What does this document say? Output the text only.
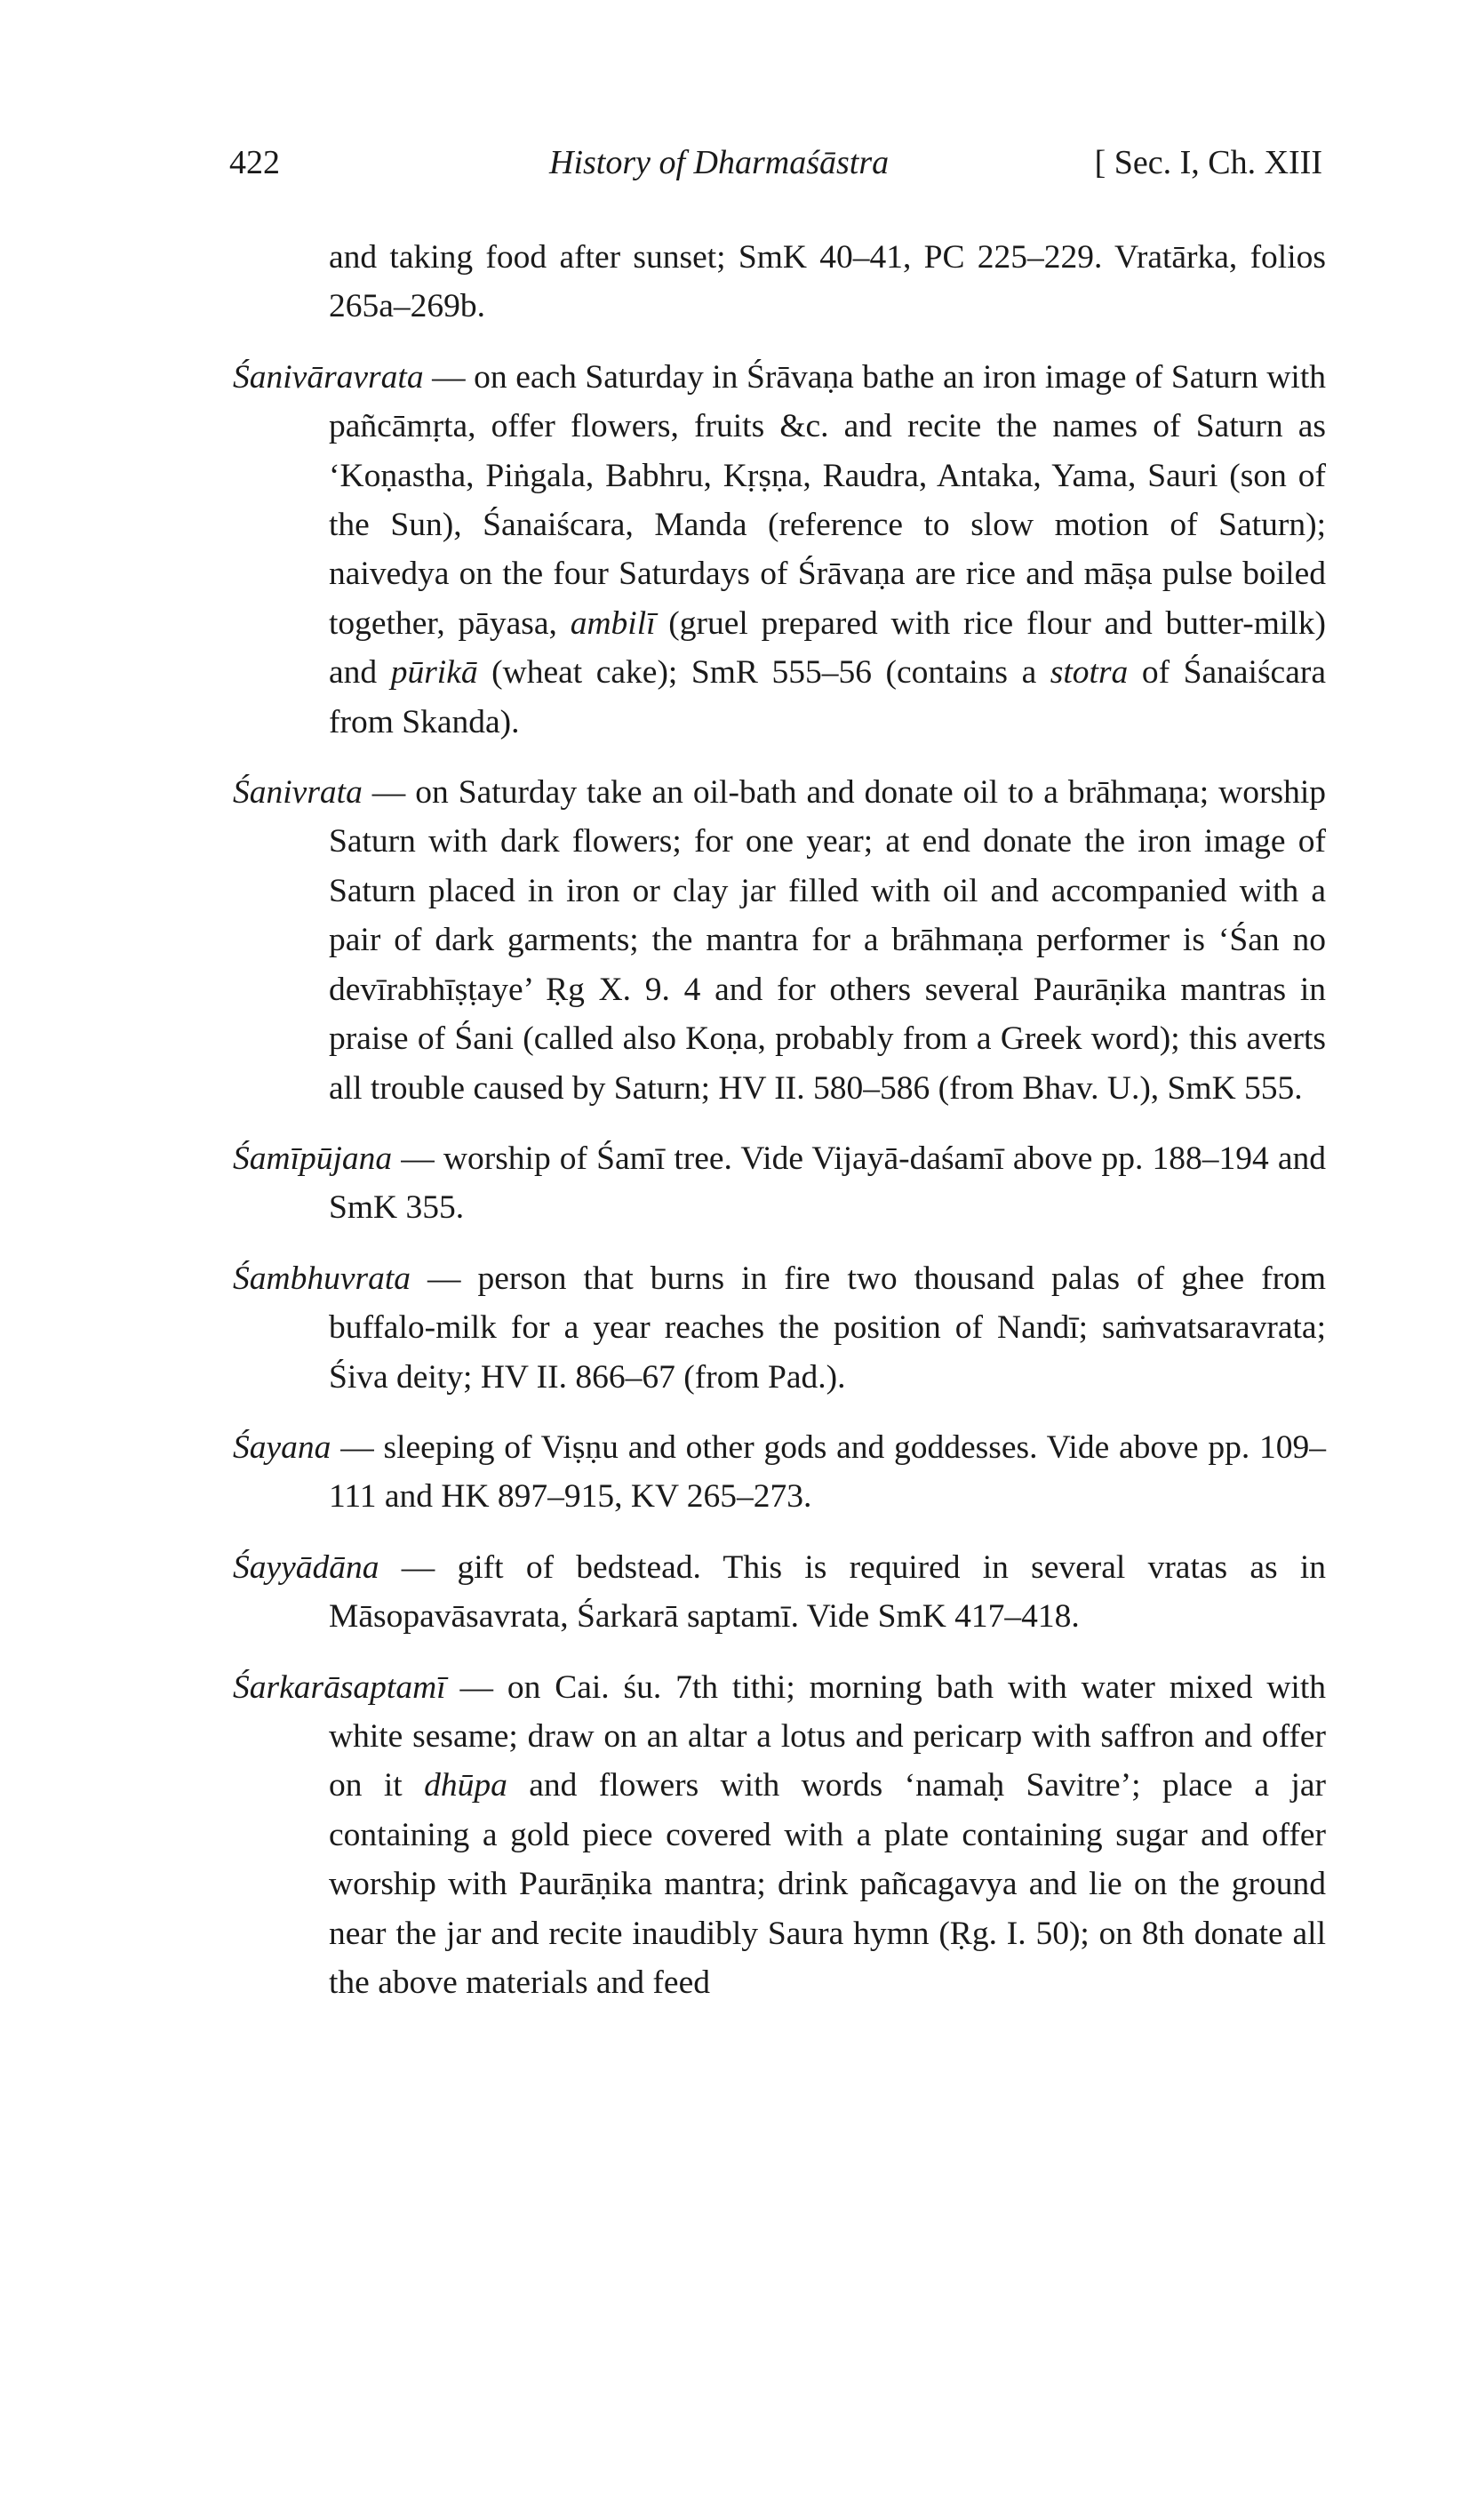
422	History of Dharmaśāstra	[ Sec. I, Ch. XIII

and taking food after sunset; SmK 40–41, PC 225–229. Vratārka, folios 265a–269b.

Śanivāravrata — on each Saturday in Śrāvaṇa bathe an iron image of Saturn with pañcāmṛta, offer flowers, fruits &c. and recite the names of Saturn as ‘Koṇastha, Piṅgala, Babhru, Kṛṣṇa, Raudra, Antaka, Yama, Sauri (son of the Sun), Śanaiścara, Manda (reference to slow motion of Saturn); naivedya on the four Saturdays of Śrāvaṇa are rice and māṣa pulse boiled together, pāyasa, ambilī (gruel prepared with rice flour and butter-milk) and pūrikā (wheat cake); SmR 555–56 (contains a stotra of Śanaiścara from Skanda).

Śanivrata — on Saturday take an oil-bath and donate oil to a brāhmaṇa; worship Saturn with dark flowers; for one year; at end donate the iron image of Saturn placed in iron or clay jar filled with oil and accompanied with a pair of dark garments; the mantra for a brāhmaṇa performer is ‘Śan no devīrabhīṣṭaye’ Ṛg X. 9. 4 and for others several Paurāṇika mantras in praise of Śani (called also Koṇa, probably from a Greek word); this averts all trouble caused by Saturn; HV II. 580–586 (from Bhav. U.), SmK 555.

Śamīpūjana — worship of Śamī tree. Vide Vijayā-daśamī above pp. 188–194 and SmK 355.

Śambhuvrata — person that burns in fire two thousand palas of ghee from buffalo-milk for a year reaches the position of Nandī; saṁvatsaravrata; Śiva deity; HV II. 866–67 (from Pad.).

Śayana — sleeping of Viṣṇu and other gods and goddesses. Vide above pp. 109–111 and HK 897–915, KV 265–273.

Śayyādāna — gift of bedstead. This is required in several vratas as in Māsopavāsavrata, Śarkarā saptamī. Vide SmK 417–418.

Śarkarāsaptamī — on Cai. śu. 7th tithi; morning bath with water mixed with white sesame; draw on an altar a lotus and pericarp with saffron and offer on it dhūpa and flowers with words ‘namaḥ Savitre’; place a jar containing a gold piece covered with a plate containing sugar and offer worship with Paurāṇika mantra; drink pañcagavya and lie on the ground near the jar and recite inaudibly Saura hymn (Ṛg. I. 50); on 8th donate all the above materials and feed
